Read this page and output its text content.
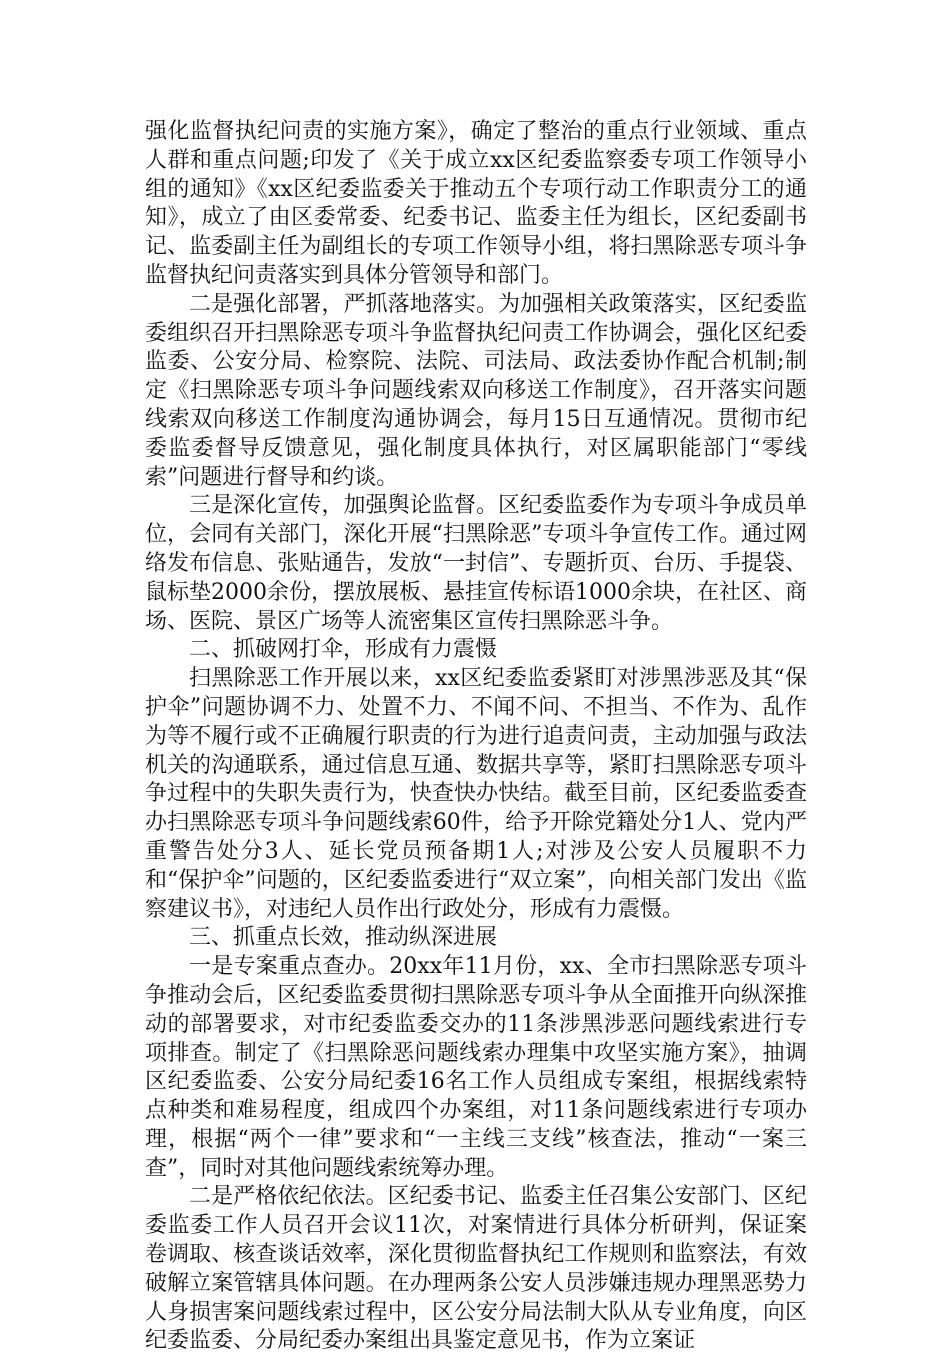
强化监督执纪问责的实施方案》，确定了整治的重点行业领域、重点人群和重点问题;印发了《关于成立xx区纪委监察委专项工作领导小组的通知》《xx区纪委监委关于推动五个专项行动工作职责分工的通知》，成立了由区委常委、纪委书记、监委主任为组长，区纪委副书记、监委副主任为副组长的专项工作领导小组，将扫黑除恶专项斗争监督执纪问责落实到具体分管领导和部门。

二是强化部署，严抓落地落实。为加强相关政策落实，区纪委监委组织召开扫黑除恶专项斗争监督执纪问责工作协调会，强化区纪委监委、公安分局、检察院、法院、司法局、政法委协作配合机制;制定《扫黑除恶专项斗争问题线索双向移送工作制度》，召开落实问题线索双向移送工作制度沟通协调会，每月15日互通情况。贯彻市纪委监委督导反馈意见，强化制度具体执行，对区属职能部门“零线索”问题进行督导和约谈。

三是深化宣传，加强舆论监督。区纪委监委作为专项斗争成员单位，会同有关部门，深化开展“扫黑除恶”专项斗争宣传工作。通过网络发布信息、张贴通告，发放“一封信”、专题折页、台历、手提袋、鼠标垫2000余份，摆放展板、悬挂宣传标语1000余块，在社区、商场、医院、景区广场等人流密集区宣传扫黑除恶斗争。

二、抓破网打伞，形成有力震慑

扫黑除恶工作开展以来，xx区纪委监委紧盯对涉黑涉恶及其“保护伞”问题协调不力、处置不力、不闻不问、不担当、不作为、乱作为等不履行或不正确履行职责的行为进行追责问责，主动加强与政法机关的沟通联系，通过信息互通、数据共享等，紧盯扫黑除恶专项斗争过程中的失职失责行为，快查快办快结。截至目前，区纪委监委查办扫黑除恶专项斗争问题线索60件，给予开除党籍处分1人、党内严重警告处分3人、延长党员预备期1人;对涉及公安人员履职不力和“保护伞”问题的，区纪委监委进行“双立案”，向相关部门发出《监察建议书》，对违纪人员作出行政处分，形成有力震慑。

三、抓重点长效，推动纵深进展

一是专案重点查办。20xx年11月份，xx、全市扫黑除恶专项斗争推动会后，区纪委监委贯彻扫黑除恶专项斗争从全面推开向纵深推动的部署要求，对市纪委监委交办的11条涉黑涉恶问题线索进行专项排查。制定了《扫黑除恶问题线索办理集中攻坚实施方案》，抽调区纪委监委、公安分局纪委16名工作人员组成专案组，根据线索特点种类和难易程度，组成四个办案组，对11条问题线索进行专项办理，根据“两个一律”要求和“一主线三支线”核查法，推动“一案三查”，同时对其他问题线索统筹办理。

二是严格依纪依法。区纪委书记、监委主任召集公安部门、区纪委监委工作人员召开会议11次，对案情进行具体分析研判，保证案卷调取、核查谈话效率，深化贯彻监督执纪工作规则和监察法，有效破解立案管辖具体问题。在办理两条公安人员涉嫌违规办理黑恶势力人身损害案问题线索过程中，区公安分局法制大队从专业角度，向区纪委监委、分局纪委办案组出具鉴定意见书，作为立案证
